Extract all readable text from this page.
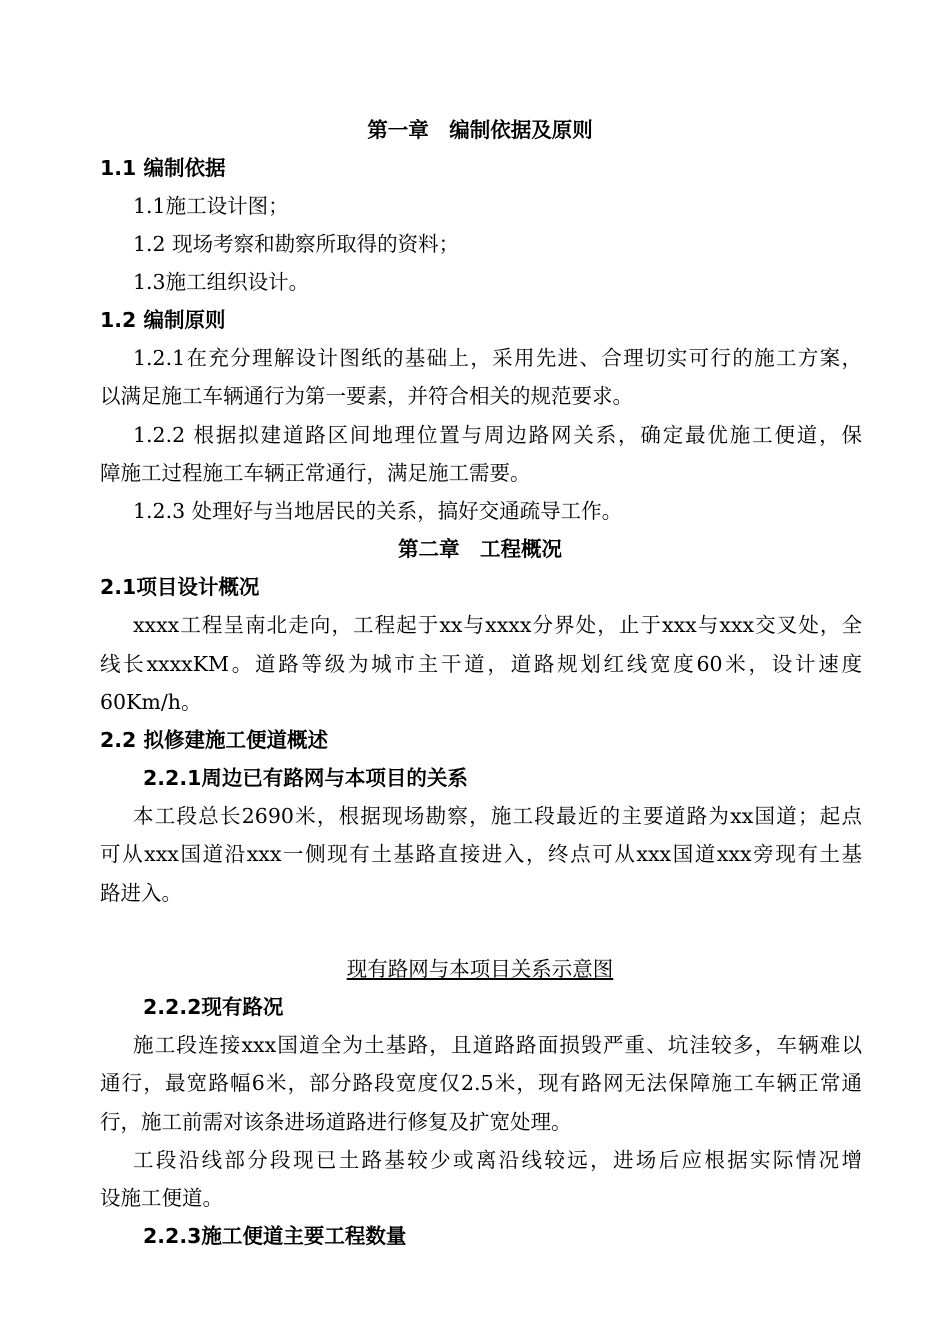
第一章　编制依据及原则
1.1 编制依据
1.1施工设计图；
1.2 现场考察和勘察所取得的资料；
1.3施工组织设计。
1.2 编制原则
1.2.1在充分理解设计图纸的基础上，采用先进、合理切实可行的施工方案，
以满足施工车辆通行为第一要素，并符合相关的规范要求。
1.2.2 根据拟建道路区间地理位置与周边路网关系，确定最优施工便道，保
障施工过程施工车辆正常通行，满足施工需要。
1.2.3 处理好与当地居民的关系，搞好交通疏导工作。
第二章　工程概况
2.1项目设计概况
xxxx工程呈南北走向，工程起于xx与xxxx分界处，止于xxx与xxx交叉处，全
线长xxxxKM。道路等级为城市主干道，道路规划红线宽度60米，设计速度
60Km/h。
2.2 拟修建施工便道概述
2.2.1周边已有路网与本项目的关系
本工段总长2690米，根据现场勘察，施工段最近的主要道路为xx国道；起点
可从xxx国道沿xxx一侧现有土基路直接进入，终点可从xxx国道xxx旁现有土基
路进入。
现有路网与本项目关系示意图
2.2.2现有路况
施工段连接xxx国道全为土基路，且道路路面损毁严重、坑洼较多，车辆难以
通行，最宽路幅6米，部分路段宽度仅2.5米，现有路网无法保障施工车辆正常通
行，施工前需对该条进场道路进行修复及扩宽处理。
工段沿线部分段现已土路基较少或离沿线较远，进场后应根据实际情况增
设施工便道。
2.2.3施工便道主要工程数量
